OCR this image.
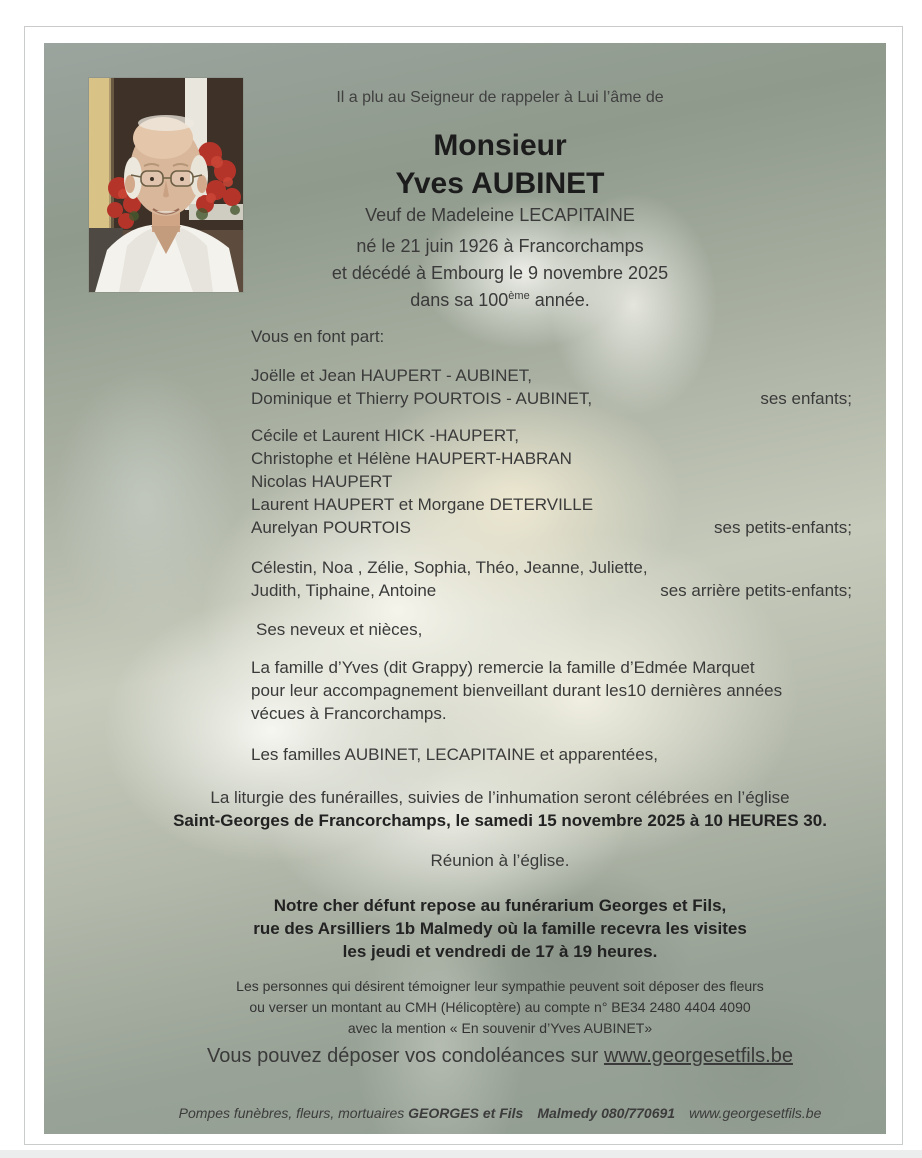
Il a plu au Seigneur de rappeler à Lui l’âme de
Monsieur
Yves AUBINET
Veuf de Madeleine LECAPITAINE
né le 21 juin 1926 à Francorchamps
et décédé à Embourg le 9 novembre 2025
dans sa 100ème année.
Vous en font part:
Joëlle et Jean HAUPERT - AUBINET,
Dominique et Thierry POURTOIS - AUBINET,	ses enfants;
Cécile et Laurent HICK -HAUPERT,
Christophe et Hélène HAUPERT-HABRAN
Nicolas HAUPERT
Laurent HAUPERT et Morgane DETERVILLE
Aurelyan POURTOIS	ses petits-enfants;
Célestin, Noa , Zélie, Sophia, Théo, Jeanne, Juliette,
Judith, Tiphaine, Antoine	ses arrière petits-enfants;
Ses neveux et nièces,
La famille d’Yves (dit Grappy) remercie la famille d’Edmée Marquet
pour leur accompagnement bienveillant durant les10 dernières années
vécues à Francorchamps.
Les familles AUBINET, LECAPITAINE et apparentées,
La liturgie des funérailles, suivies de l’inhumation seront célébrées en l’église
Saint-Georges de Francorchamps, le samedi 15 novembre 2025 à 10 HEURES 30.
Réunion à l’église.
Notre cher défunt repose au funérarium Georges et Fils,
rue des Arsilliers 1b Malmedy où la famille recevra les visites
les jeudi et vendredi de 17 à 19 heures.
Les personnes qui désirent témoigner leur sympathie peuvent soit déposer des fleurs
ou verser un montant au CMH (Hélicoptère) au compte n° BE34 2480 4404 4090
avec la mention « En souvenir d’Yves AUBINET»
Vous pouvez déposer vos condoléances sur www.georgesetfils.be
Pompes funèbres, fleurs, mortuaires GEORGES et Fils Malmedy 080/770691 www.georgesetfils.be
